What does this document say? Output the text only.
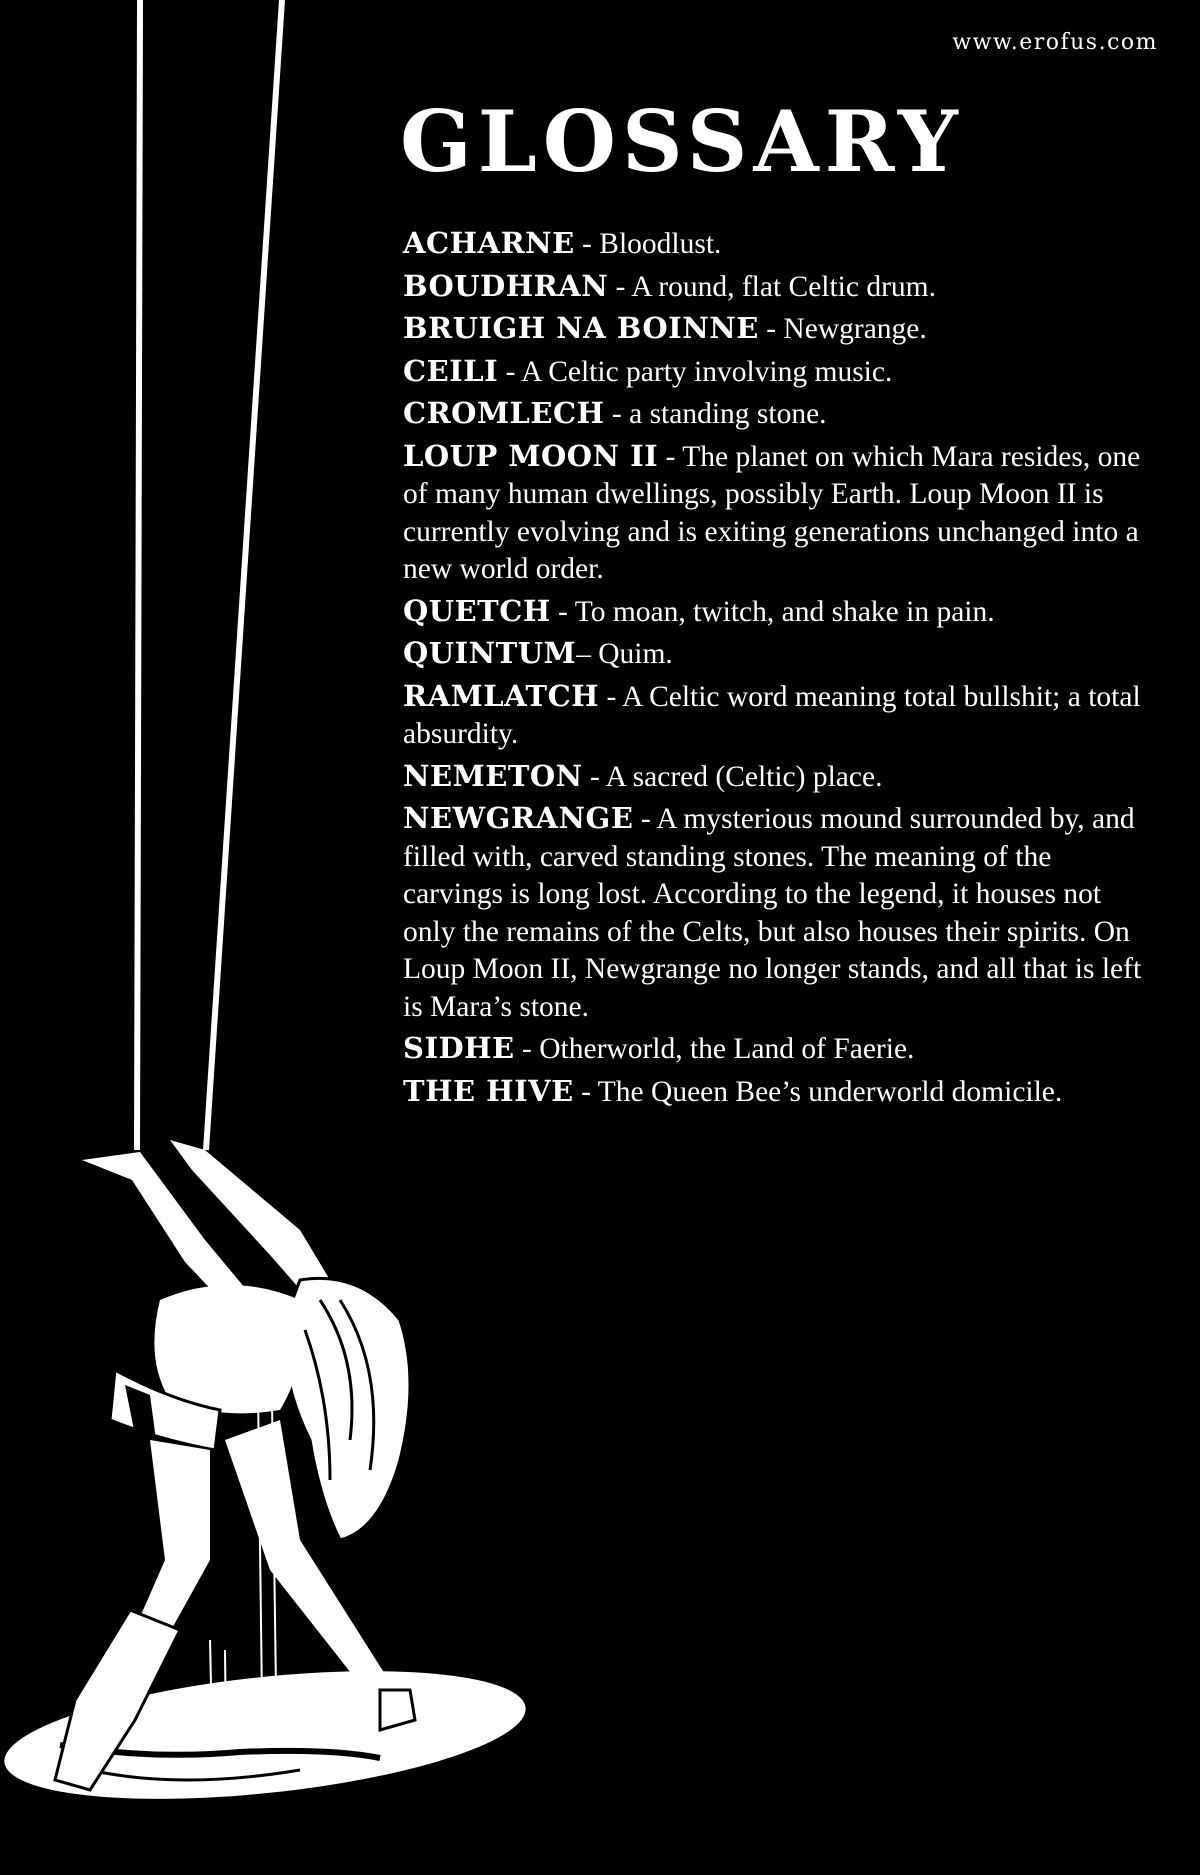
www.erofus.com
GLOSSARY
ACHARNE - Bloodlust.
BOUDHRAN - A round, flat Celtic drum.
BRUIGH NA BOINNE - Newgrange.
CEILI - A Celtic party involving music.
CROMLECH - a standing stone.
LOUP MOON II - The planet on which Mara resides, one of many human dwellings, possibly Earth. Loup Moon II is currently evolving and is exiting generations unchanged into a new world order.
QUETCH - To moan, twitch, and shake in pain.
QUINTUM– Quim.
RAMLATCH - A Celtic word meaning total bullshit; a total absurdity.
NEMETON - A sacred (Celtic) place.
NEWGRANGE - A mysterious mound surrounded by, and filled with, carved standing stones. The meaning of the carvings is long lost. According to the legend, it houses not only the remains of the Celts, but also houses their spirits. On Loup Moon II, Newgrange no longer stands, and all that is left is Mara’s stone.
SIDHE - Otherworld, the Land of Faerie.
THE HIVE - The Queen Bee’s underworld domicile.
